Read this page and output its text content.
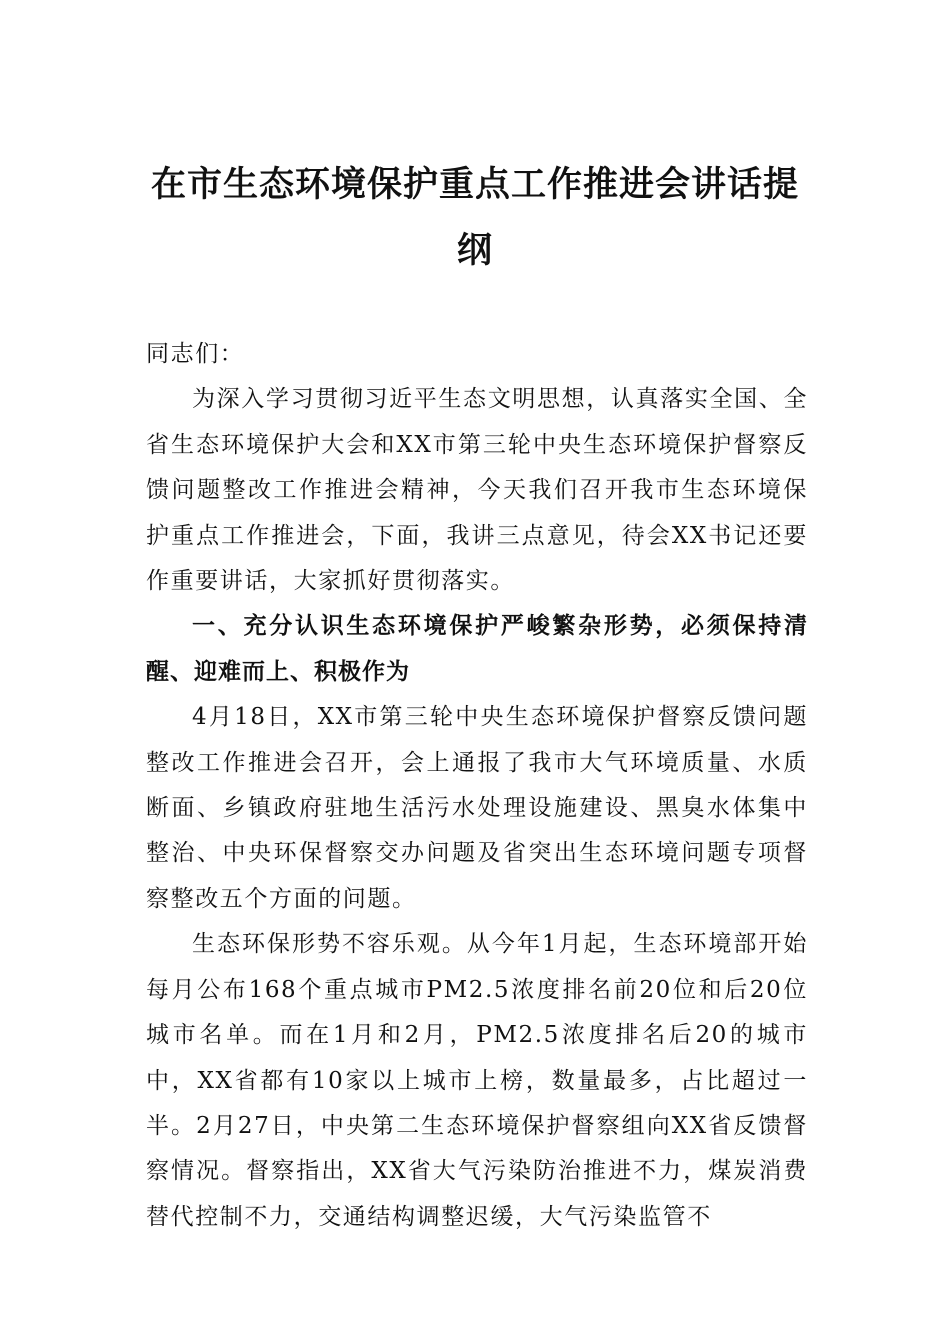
在市生态环境保护重点工作推进会讲话提纲

同志们：

为深入学习贯彻习近平生态文明思想，认真落实全国、全省生态环境保护大会和XX市第三轮中央生态环境保护督察反馈问题整改工作推进会精神，今天我们召开我市生态环境保护重点工作推进会，下面，我讲三点意见，待会XX书记还要作重要讲话，大家抓好贯彻落实。

一、充分认识生态环境保护严峻繁杂形势，必须保持清醒、迎难而上、积极作为

4月18日，XX市第三轮中央生态环境保护督察反馈问题整改工作推进会召开，会上通报了我市大气环境质量、水质断面、乡镇政府驻地生活污水处理设施建设、黑臭水体集中整治、中央环保督察交办问题及省突出生态环境问题专项督察整改五个方面的问题。

生态环保形势不容乐观。从今年1月起，生态环境部开始每月公布168个重点城市PM2.5浓度排名前20位和后20位城市名单。而在1月和2月，PM2.5浓度排名后20的城市中，XX省都有10家以上城市上榜，数量最多，占比超过一半。2月27日，中央第二生态环境保护督察组向XX省反馈督察情况。督察指出，XX省大气污染防治推进不力，煤炭消费替代控制不力，交通结构调整迟缓，大气污染监管不
